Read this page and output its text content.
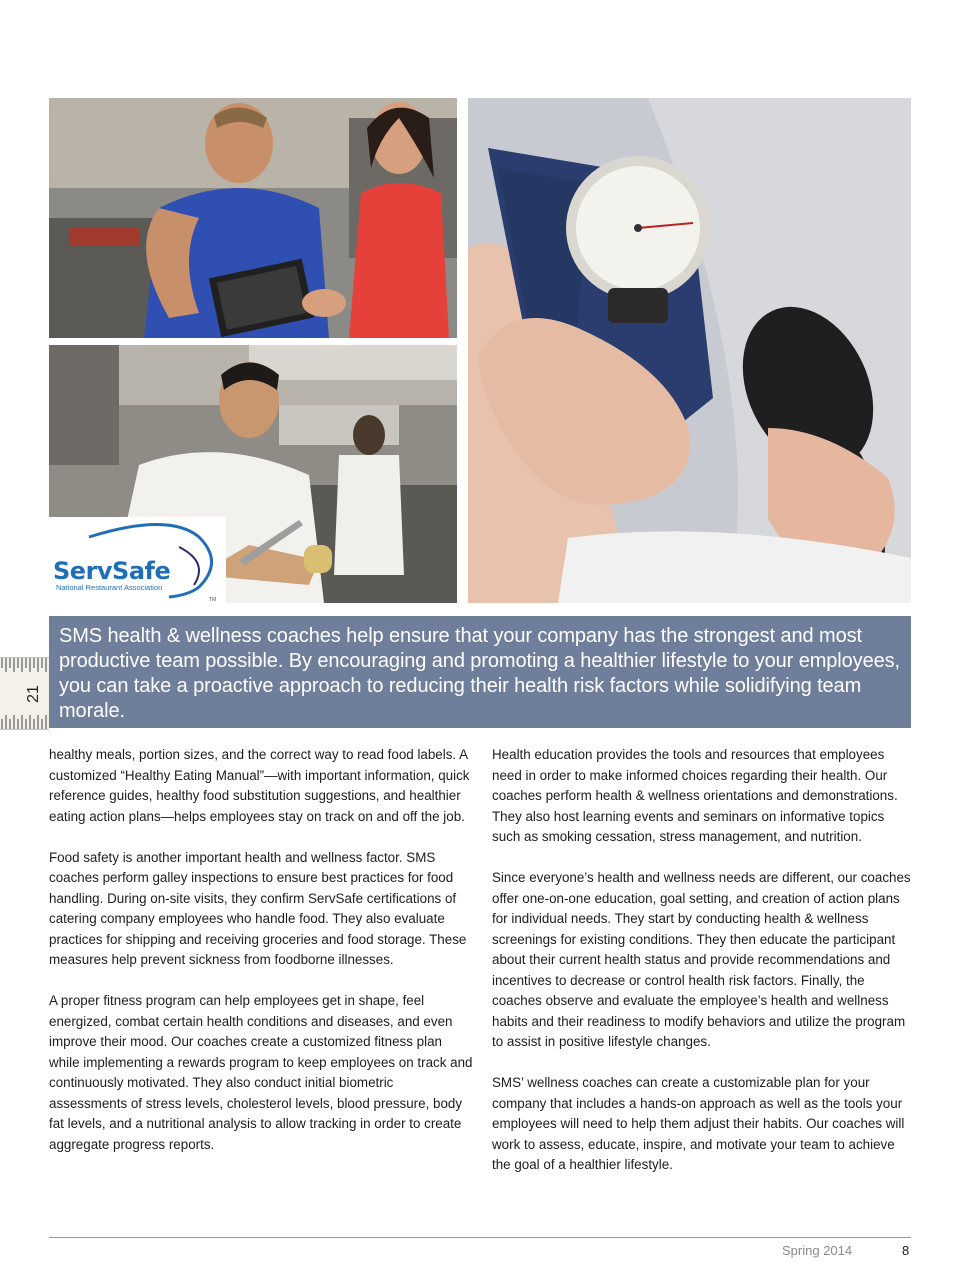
ServSafe
National Restaurant Association
TM
21

SMS health & wellness coaches help ensure that your company has the strongest and most productive team possible. By encouraging and promoting a healthier lifestyle to your employees, you can take a proactive approach to reducing their health risk factors while solidifying team morale.

healthy meals, portion sizes, and the correct way to read food labels. A customized “Healthy Eating Manual”—with important information, quick reference guides, healthy food substitution suggestions, and healthier eating action plans—helps employees stay on track on and off the job.

Food safety is another important health and wellness factor. SMS coaches perform galley inspections to ensure best practices for food handling. During on-site visits, they confirm ServSafe certifications of catering company employees who handle food. They also evaluate practices for shipping and receiving groceries and food storage. These measures help prevent sickness from foodborne illnesses.

A proper fitness program can help employees get in shape, feel energized, combat certain health conditions and diseases, and even improve their mood. Our coaches create a customized fitness plan while implementing a rewards program to keep employees on track and continuously motivated. They also conduct initial biometric assessments of stress levels, cholesterol levels, blood pressure, body fat levels, and a nutritional analysis to allow tracking in order to create aggregate progress reports.

Health education provides the tools and resources that employees need in order to make informed choices regarding their health. Our coaches perform health & wellness orientations and demonstrations. They also host learning events and seminars on informative topics such as smoking cessation, stress management, and nutrition.

Since everyone’s health and wellness needs are different, our coaches offer one-on-one education, goal setting, and creation of action plans for individual needs. They start by conducting health & wellness screenings for existing conditions. They then educate the participant about their current health status and provide recommendations and incentives to decrease or control health risk factors. Finally, the coaches observe and evaluate the employee’s health and wellness habits and their readiness to modify behaviors and utilize the program to assist in positive lifestyle changes.

SMS’ wellness coaches can create a customizable plan for your company that includes a hands-on approach as well as the tools your employees will need to help them adjust their habits. Our coaches will work to assess, educate, inspire, and motivate your team to achieve the goal of a healthier lifestyle.

Spring 2014	8
